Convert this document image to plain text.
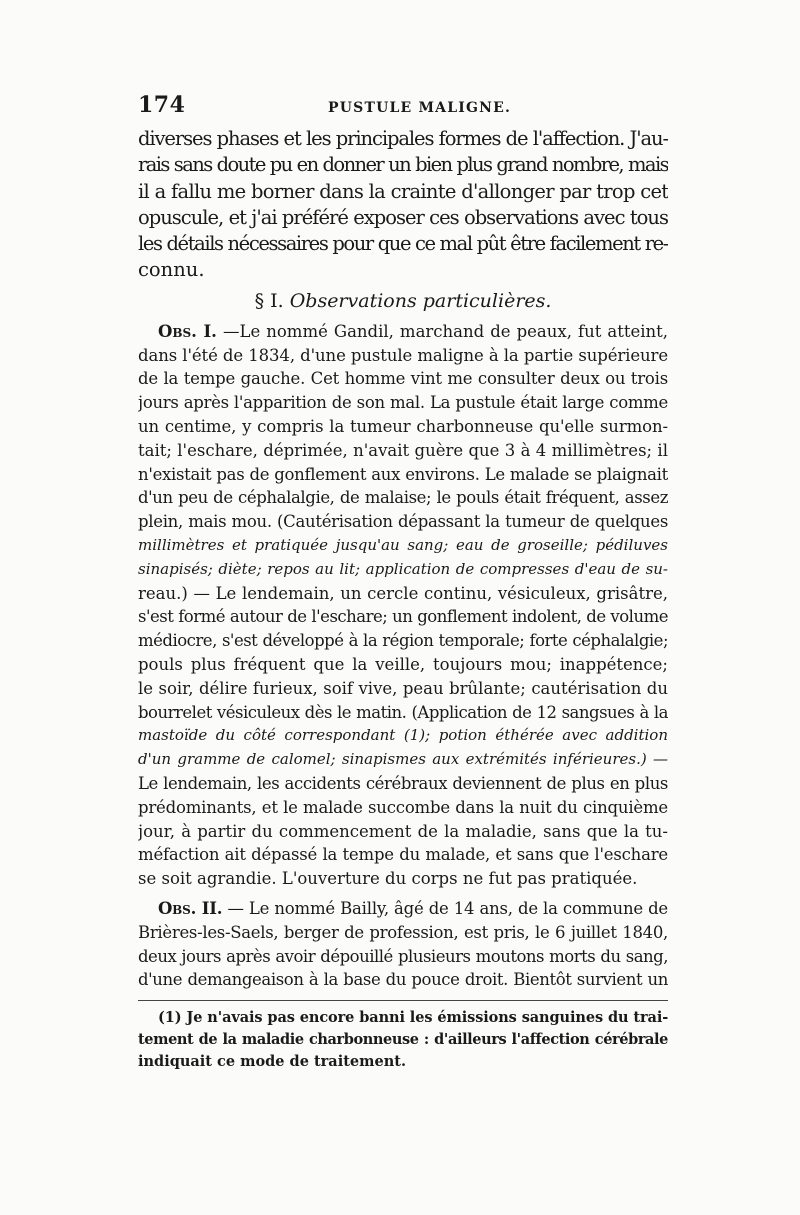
174	PUSTULE MALIGNE.
diverses phases et les principales formes de l'affection. J'au-
rais sans doute pu en donner un bien plus grand nombre, mais
il a fallu me borner dans la crainte d'allonger par trop cet
opuscule, et j'ai préféré exposer ces observations avec tous
les détails nécessaires pour que ce mal pût être facilement re-
connu.
§ I. Observations particulières.
Obs. I. —Le nommé Gandil, marchand de peaux, fut atteint,
dans l'été de 1834, d'une pustule maligne à la partie supérieure
de la tempe gauche. Cet homme vint me consulter deux ou trois
jours après l'apparition de son mal. La pustule était large comme
un centime, y compris la tumeur charbonneuse qu'elle surmon-
tait; l'eschare, déprimée, n'avait guère que 3 à 4 millimètres; il
n'existait pas de gonflement aux environs. Le malade se plaignait
d'un peu de céphalalgie, de malaise; le pouls était fréquent, assez
plein, mais mou. (Cautérisation dépassant la tumeur de quelques
millimètres et pratiquée jusqu'au sang; eau de groseille; pédiluves
sinapisés; diète; repos au lit; application de compresses d'eau de su-
reau.) — Le lendemain, un cercle continu, vésiculeux, grisâtre,
s'est formé autour de l'eschare; un gonflement indolent, de volume
médiocre, s'est développé à la région temporale; forte céphalalgie;
pouls plus fréquent que la veille, toujours mou; inappétence;
le soir, délire furieux, soif vive, peau brûlante; cautérisation du
bourrelet vésiculeux dès le matin. (Application de 12 sangsues à la
mastoïde du côté correspondant (1); potion éthérée avec addition
d'un gramme de calomel; sinapismes aux extrémités inférieures.) —
Le lendemain, les accidents cérébraux deviennent de plus en plus
prédominants, et le malade succombe dans la nuit du cinquième
jour, à partir du commencement de la maladie, sans que la tu-
méfaction ait dépassé la tempe du malade, et sans que l'eschare
se soit agrandie. L'ouverture du corps ne fut pas pratiquée.
Obs. II. — Le nommé Bailly, âgé de 14 ans, de la commune de
Brières-les-Saels, berger de profession, est pris, le 6 juillet 1840,
deux jours après avoir dépouillé plusieurs moutons morts du sang,
d'une demangeaison à la base du pouce droit. Bientôt survient un
(1) Je n'avais pas encore banni les émissions sanguines du trai-
tement de la maladie charbonneuse : d'ailleurs l'affection cérébrale
indiquait ce mode de traitement.
